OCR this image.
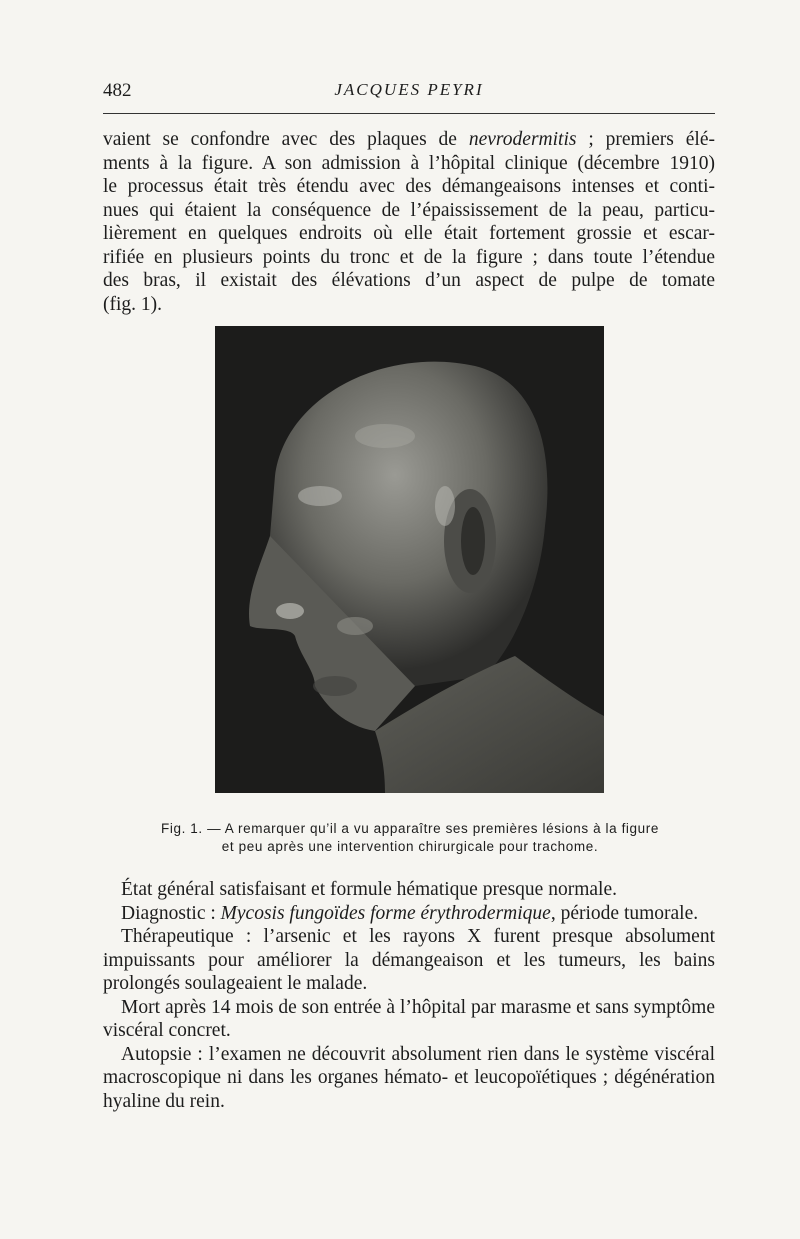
482	JACQUES PEYRI
vaient se confondre avec des plaques de nevrodermitis ; premiers élé-
ments à la figure. A son admission à l’hôpital clinique (décembre 1910)
le processus était très étendu avec des démangeaisons intenses et conti-
nues qui étaient la conséquence de l’épaississement de la peau, particu-
lièrement en quelques endroits où elle était fortement grossie et escar-
rifiée en plusieurs points du tronc et de la figure ; dans toute l’étendue
des bras, il existait des élévations d’un aspect de pulpe de tomate
(fig. 1).
Fig. 1. — A remarquer qu’il a vu apparaître ses premières lésions à la figure
et peu après une intervention chirurgicale pour trachome.

État général satisfaisant et formule hématique presque normale.

Diagnostic : Mycosis fungoïdes forme érythrodermique, période tumorale.

Thérapeutique : l’arsenic et les rayons X furent presque absolument impuissants pour améliorer la démangeaison et les tumeurs, les bains prolongés soulageaient le malade.

Mort après 14 mois de son entrée à l’hôpital par marasme et sans symptôme viscéral concret.

Autopsie : l’examen ne découvrit absolument rien dans le système viscéral macroscopique ni dans les organes hémato- et leucopoïétiques ; dégénération hyaline du rein.
